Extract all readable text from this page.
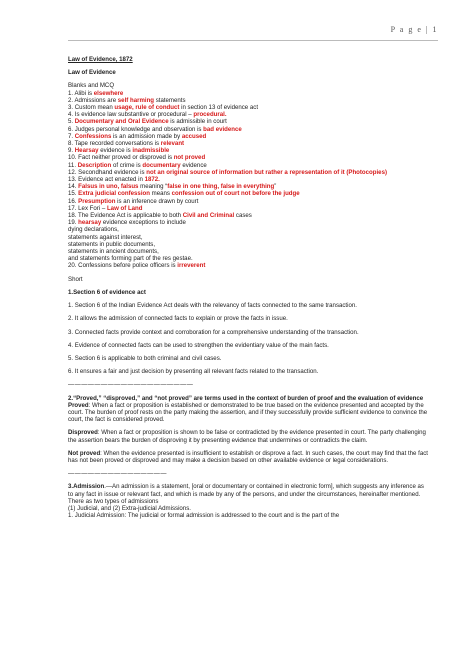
P a g e | 1
Law of Evidence, 1872
Law of Evidence
Blanks and MCQ
1. Alibi is elsewhere
2. Admissions are self harming statements
3. Custom mean usage, rule of conduct in section 13 of evidence act
4. Is evidence law substantive or procedural – procedural.
5. Documentary and Oral Evidence is admissible in court
6. Judges personal knowledge and observation is bad evidence
7. Confessions is an admission made by accused
8. Tape recorded conversations is relevant
9. Hearsay evidence is inadmissible
10. Fact neither proved or disproved is not proved
11. Description of crime is documentary evidence
12. Secondhand evidence is not an original source of information but rather a representation of it (Photocopies)
13. Evidence act enacted in 1872.
14. Falsus in uno, falsus meaning “false in one thing, false in everything”
15. Extra judicial confession means confession out of court not before the judge
16. Presumption is an inference drawn by court
17. Lex Fori – Law of Land
18. The Evidence Act is applicable to both Civil and Criminal cases
19. hearsay evidence exceptions to include
dying declarations,
statements against interest,
statements in public documents,
statements in ancient documents,
and statements forming part of the res gestae.
20. Confessions before police officers is irreverent
Short
1.Section 6 of evidence act

1. Section 6 of the Indian Evidence Act deals with the relevancy of facts connected to the same transaction.

2. It allows the admission of connected facts to explain or prove the facts in issue.

3. Connected facts provide context and corroboration for a comprehensive understanding of the transaction.

4. Evidence of connected facts can be used to strengthen the evidentiary value of the main facts.

5. Section 6 is applicable to both criminal and civil cases.

6. It ensures a fair and just decision by presenting all relevant facts related to the transaction.

———————————————————
2.“Proved,” “disproved,” and “not proved” are terms used in the context of burden of proof and the evaluation of evidence

Proved: When a fact or proposition is established or demonstrated to be true based on the evidence presented and accepted by the court. The burden of proof rests on the party making the assertion, and if they successfully provide sufficient evidence to convince the court, the fact is considered proved.

Disproved: When a fact or proposition is shown to be false or contradicted by the evidence presented in court. The party challenging the assertion bears the burden of disproving it by presenting evidence that undermines or contradicts the claim.

Not proved: When the evidence presented is insufficient to establish or disprove a fact. In such cases, the court may find that the fact has not been proved or disproved and may make a decision based on other available evidence or legal considerations.

———————————————
3.Admission.—An admission is a statement, [oral or documentary or contained in electronic form], which suggests any inference as to any fact in issue or relevant fact, and which is made by any of the persons, and under the circumstances, hereinafter mentioned.
There as two types of admissions
(1) Judicial, and (2) Extra-judicial Admissions.
1. Judicial Admission: The judicial or formal admission is addressed to the court and is the part of the
